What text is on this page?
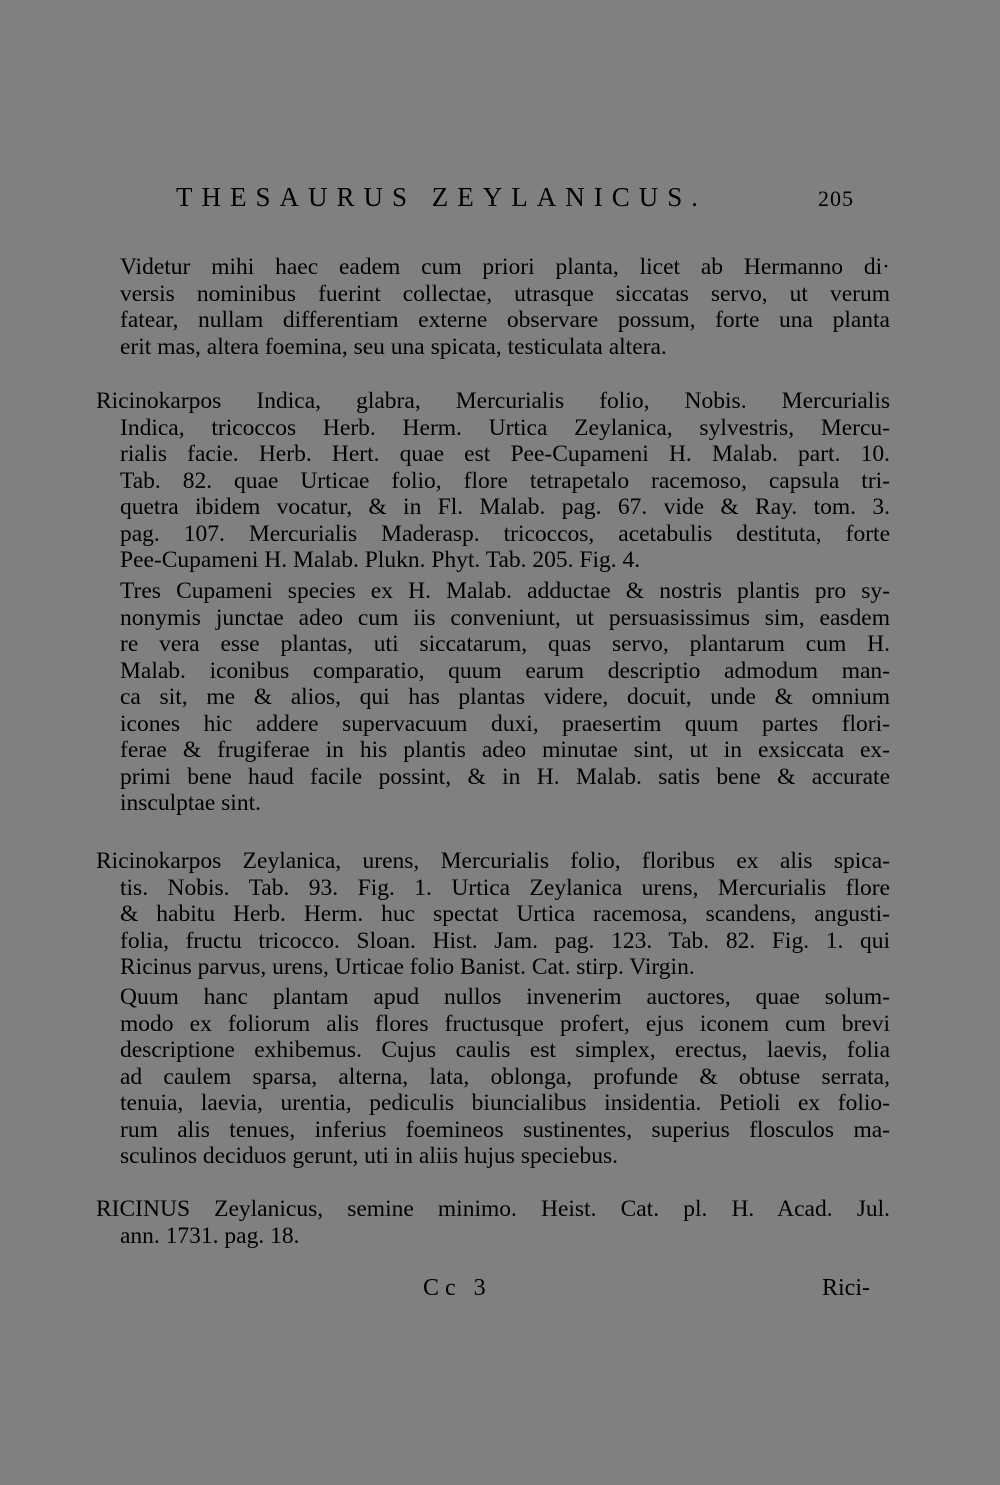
THESAURUS ZEYLANICUS.	205
Videtur mihi haec eadem cum priori planta, licet ab Hermanno di·
versis nominibus fuerint collectae, utrasque siccatas servo, ut verum
fatear, nullam differentiam externe observare possum, forte una planta
erit mas, altera foemina, seu una spicata, testiculata altera.
Ricinokarpos Indica, glabra, Mercurialis folio, Nobis. Mercurialis
Indica, tricoccos Herb. Herm. Urtica Zeylanica, sylvestris, Mercu-
rialis facie. Herb. Hert. quae est Pee-Cupameni H. Malab. part. 10.
Tab. 82. quae Urticae folio, flore tetrapetalo racemoso, capsula tri-
quetra ibidem vocatur, & in Fl. Malab. pag. 67. vide & Ray. tom. 3.
pag. 107. Mercurialis Maderasp. tricoccos, acetabulis destituta, forte
Pee-Cupameni H. Malab. Plukn. Phyt. Tab. 205. Fig. 4.
Tres Cupameni species ex H. Malab. adductae & nostris plantis pro sy-
nonymis junctae adeo cum iis conveniunt, ut persuasissimus sim, easdem
re vera esse plantas, uti siccatarum, quas servo, plantarum cum H.
Malab. iconibus comparatio, quum earum descriptio admodum man-
ca sit, me & alios, qui has plantas videre, docuit, unde & omnium
icones hic addere supervacuum duxi, praesertim quum partes flori-
ferae & frugiferae in his plantis adeo minutae sint, ut in exsiccata ex-
primi bene haud facile possint, & in H. Malab. satis bene & accurate
insculptae sint.
Ricinokarpos Zeylanica, urens, Mercurialis folio, floribus ex alis spica-
tis. Nobis. Tab. 93. Fig. 1. Urtica Zeylanica urens, Mercurialis flore
& habitu Herb. Herm. huc spectat Urtica racemosa, scandens, angusti-
folia, fructu tricocco. Sloan. Hist. Jam. pag. 123. Tab. 82. Fig. 1. qui
Ricinus parvus, urens, Urticae folio Banist. Cat. stirp. Virgin.
Quum hanc plantam apud nullos invenerim auctores, quae solum-
modo ex foliorum alis flores fructusque profert, ejus iconem cum brevi
descriptione exhibemus. Cujus caulis est simplex, erectus, laevis, folia
ad caulem sparsa, alterna, lata, oblonga, profunde & obtuse serrata,
tenuia, laevia, urentia, pediculis biuncialibus insidentia. Petioli ex folio-
rum alis tenues, inferius foemineos sustinentes, superius flosculos ma-
sculinos deciduos gerunt, uti in aliis hujus speciebus.
RICINUS Zeylanicus, semine minimo. Heist. Cat. pl. H. Acad. Jul.
ann. 1731. pag. 18.
Cc 3	Rici-
